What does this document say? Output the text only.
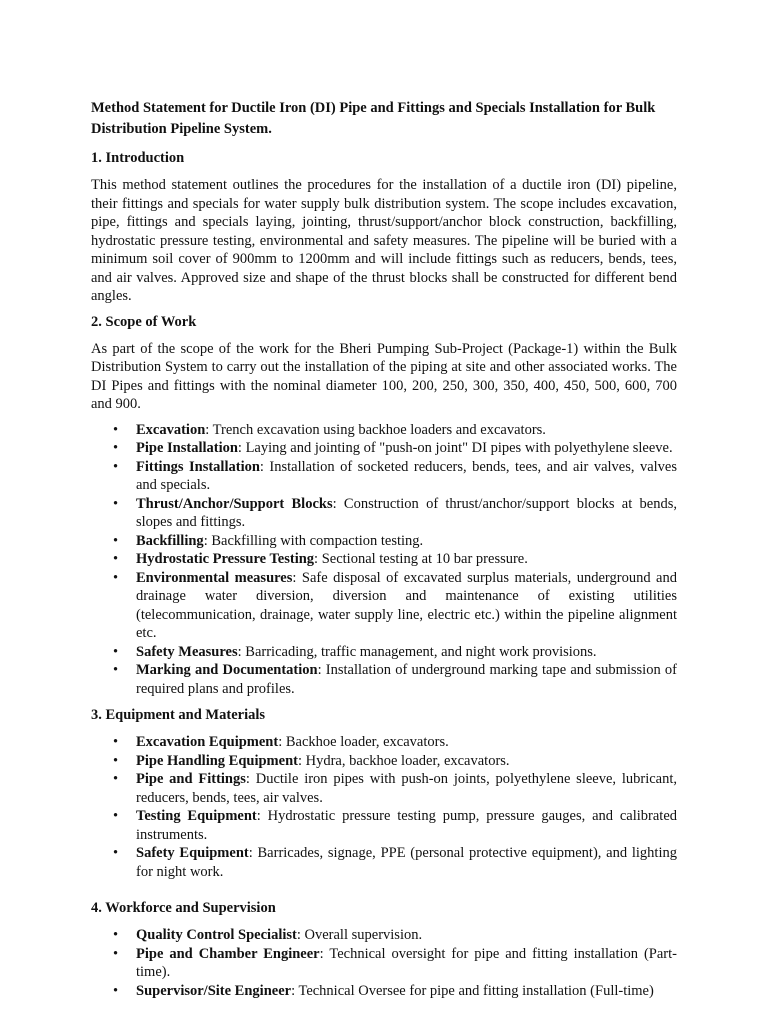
Method Statement for Ductile Iron (DI) Pipe and Fittings and Specials Installation for Bulk Distribution Pipeline System.
1. Introduction

This method statement outlines the procedures for the installation of a ductile iron (DI) pipeline, their fittings and specials for water supply bulk distribution system. The scope includes excavation, pipe, fittings and specials laying, jointing, thrust/support/anchor block construction, backfilling, hydrostatic pressure testing, environmental and safety measures. The pipeline will be buried with a minimum soil cover of 900mm to 1200mm and will include fittings such as reducers, bends, tees, and air valves. Approved size and shape of the thrust blocks shall be constructed for different bend angles.

2. Scope of Work

As part of the scope of the work for the Bheri Pumping Sub-Project (Package-1) within the Bulk Distribution System to carry out the installation of the piping at site and other associated works. The DI Pipes and fittings with the nominal diameter 100, 200, 250, 300, 350, 400, 450, 500, 600, 700 and 900.

• Excavation: Trench excavation using backhoe loaders and excavators.
• Pipe Installation: Laying and jointing of "push-on joint" DI pipes with polyethylene sleeve.
• Fittings Installation: Installation of socketed reducers, bends, tees, and air valves, valves and specials.
• Thrust/Anchor/Support Blocks: Construction of thrust/anchor/support blocks at bends, slopes and fittings.
• Backfilling: Backfilling with compaction testing.
• Hydrostatic Pressure Testing: Sectional testing at 10 bar pressure.
• Environmental measures: Safe disposal of excavated surplus materials, underground and drainage water diversion, diversion and maintenance of existing utilities (telecommunication, drainage, water supply line, electric etc.) within the pipeline alignment etc.
• Safety Measures: Barricading, traffic management, and night work provisions.
• Marking and Documentation: Installation of underground marking tape and submission of required plans and profiles.
3. Equipment and Materials
• Excavation Equipment: Backhoe loader, excavators.
• Pipe Handling Equipment: Hydra, backhoe loader, excavators.
• Pipe and Fittings: Ductile iron pipes with push-on joints, polyethylene sleeve, lubricant, reducers, bends, tees, air valves.
• Testing Equipment: Hydrostatic pressure testing pump, pressure gauges, and calibrated instruments.
• Safety Equipment: Barricades, signage, PPE (personal protective equipment), and lighting for night work.
4. Workforce and Supervision
• Quality Control Specialist: Overall supervision.
• Pipe and Chamber Engineer: Technical oversight for pipe and fitting installation (Part-time).
• Supervisor/Site Engineer: Technical Oversee for pipe and fitting installation (Full-time)
